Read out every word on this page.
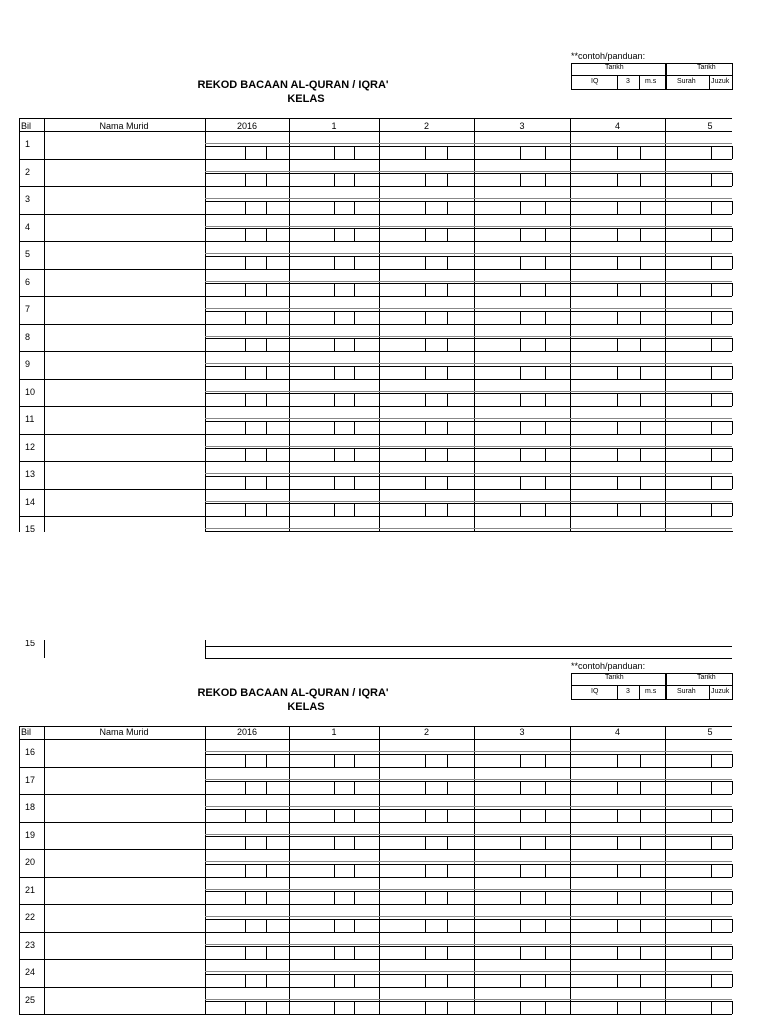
**contoh/panduan:
Tarikh	Tarikh
IQ	3 m.s	Surah Juzuk
REKOD BACAAN AL-QURAN / IQRA'
KELAS
Bil	Nama Murid	2016	1	2	3	4	5
1
2
3
4
5
6
7
8
9
10
11
12
13
14
15
15
**contoh/panduan:
Tarikh	Tarikh
IQ	3 m.s	Surah Juzuk
REKOD BACAAN AL-QURAN / IQRA'
KELAS
Bil	Nama Murid	2016	1	2	3	4	5
16
17
18
19
20
21
22
23
24
25
